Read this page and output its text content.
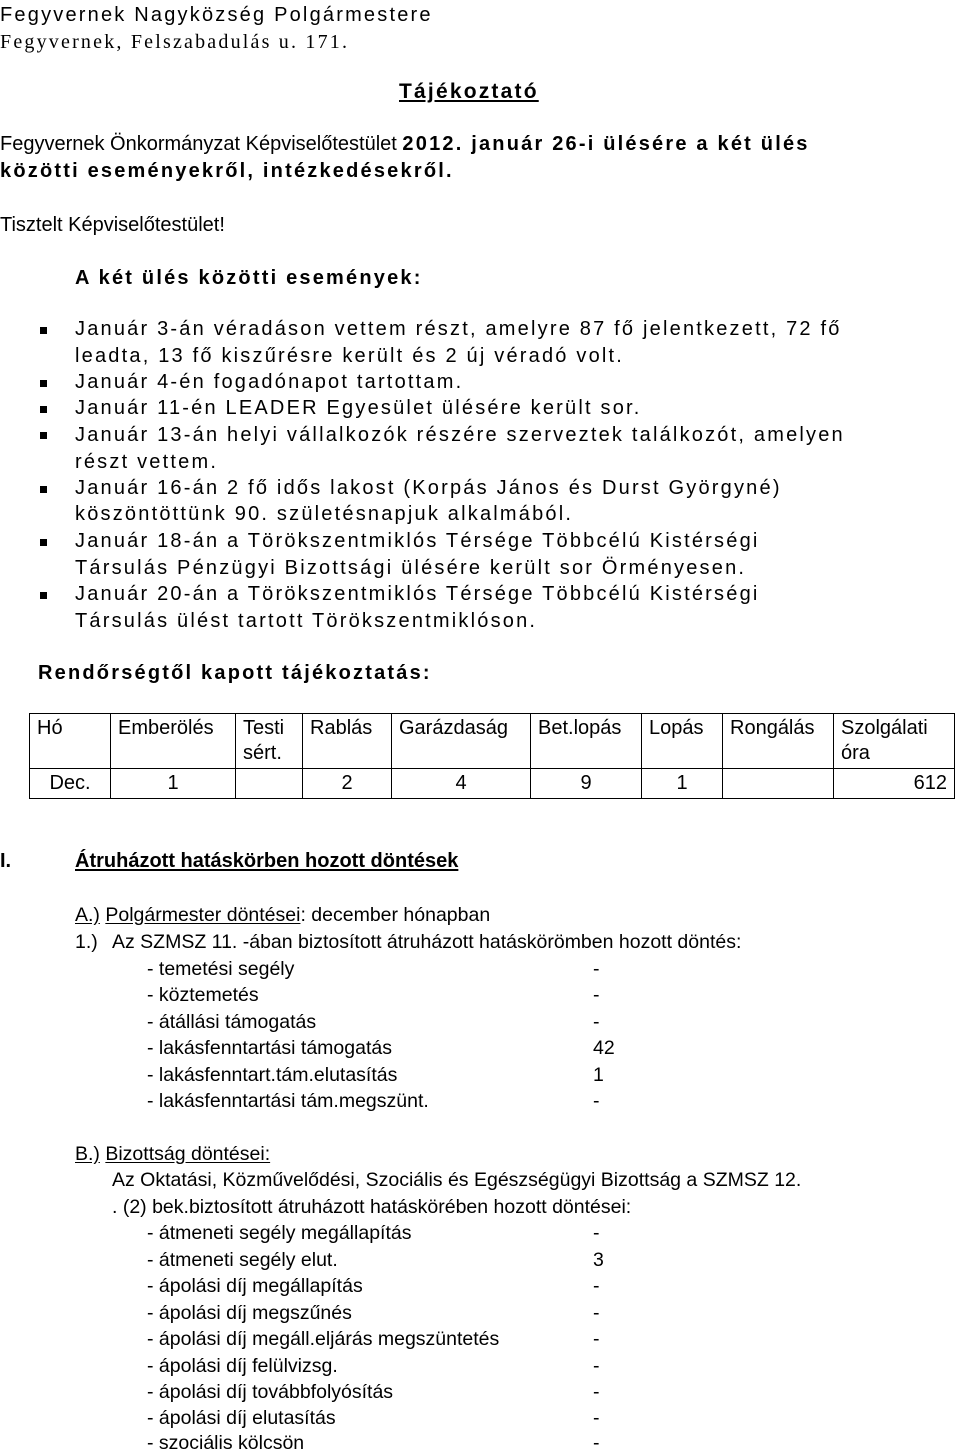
Fegyvernek Nagyközség Polgármestere
Fegyvernek, Felszabadulás u. 171.
Tájékoztató
Fegyvernek Önkormányzat Képviselőtestület 2012. január 26-i ülésére a két ülés
közötti eseményekről, intézkedésekről.
Tisztelt Képviselőtestület!
A két ülés közötti események:
Január 3-án véradáson vettem részt, amelyre 87 fő jelentkezett, 72 fő
leadta, 13 fő kiszűrésre került és 2 új véradó volt.
Január 4-én fogadónapot tartottam.
Január 11-én LEADER Egyesület ülésére került sor.
Január 13-án helyi vállalkozók részére szerveztek találkozót, amelyen
részt vettem.
Január 16-án 2 fő idős lakost (Korpás János és Durst Györgyné)
köszöntöttünk 90. születésnapjuk alkalmából.
Január 18-án a Törökszentmiklós Térsége Többcélú Kistérségi
Társulás Pénzügyi Bizottsági ülésére került sor Örményesen.
Január 20-án a Törökszentmiklós Térsége Többcélú Kistérségi
Társulás ülést tartott Törökszentmiklóson.
Rendőrségtől kapott tájékoztatás:
Hó	Emberölés	Testi sért.	Rablás	Garázdaság	Bet.lopás	Lopás	Rongálás	Szolgálati óra
Dec.	1		2	4	9	1		612
I.	Átruházott hatáskörben hozott döntések
A.) Polgármester döntései: december hónapban
1.) Az SZMSZ 11. -ában biztosított átruházott hatáskörömben hozott döntés:
- temetési segély	-
- köztemetés	-
- átállási támogatás	-
- lakásfenntartási támogatás	42
- lakásfenntart.tám.elutasítás	1
- lakásfenntartási tám.megszünt.	-
B.) Bizottság döntései:
Az Oktatási, Közművelődési, Szociális és Egészségügyi Bizottság a SZMSZ 12.
. (2) bek.biztosított átruházott hatáskörében hozott döntései:
- átmeneti segély megállapítás	-
- átmeneti segély elut.	3
- ápolási díj megállapítás	-
- ápolási díj megszűnés	-
- ápolási díj megáll.eljárás megszüntetés	-
- ápolási díj felülvizsg.	-
- ápolási díj továbbfolyósítás	-
- ápolási díj elutasítás	-
- szociális kölcsön	-
